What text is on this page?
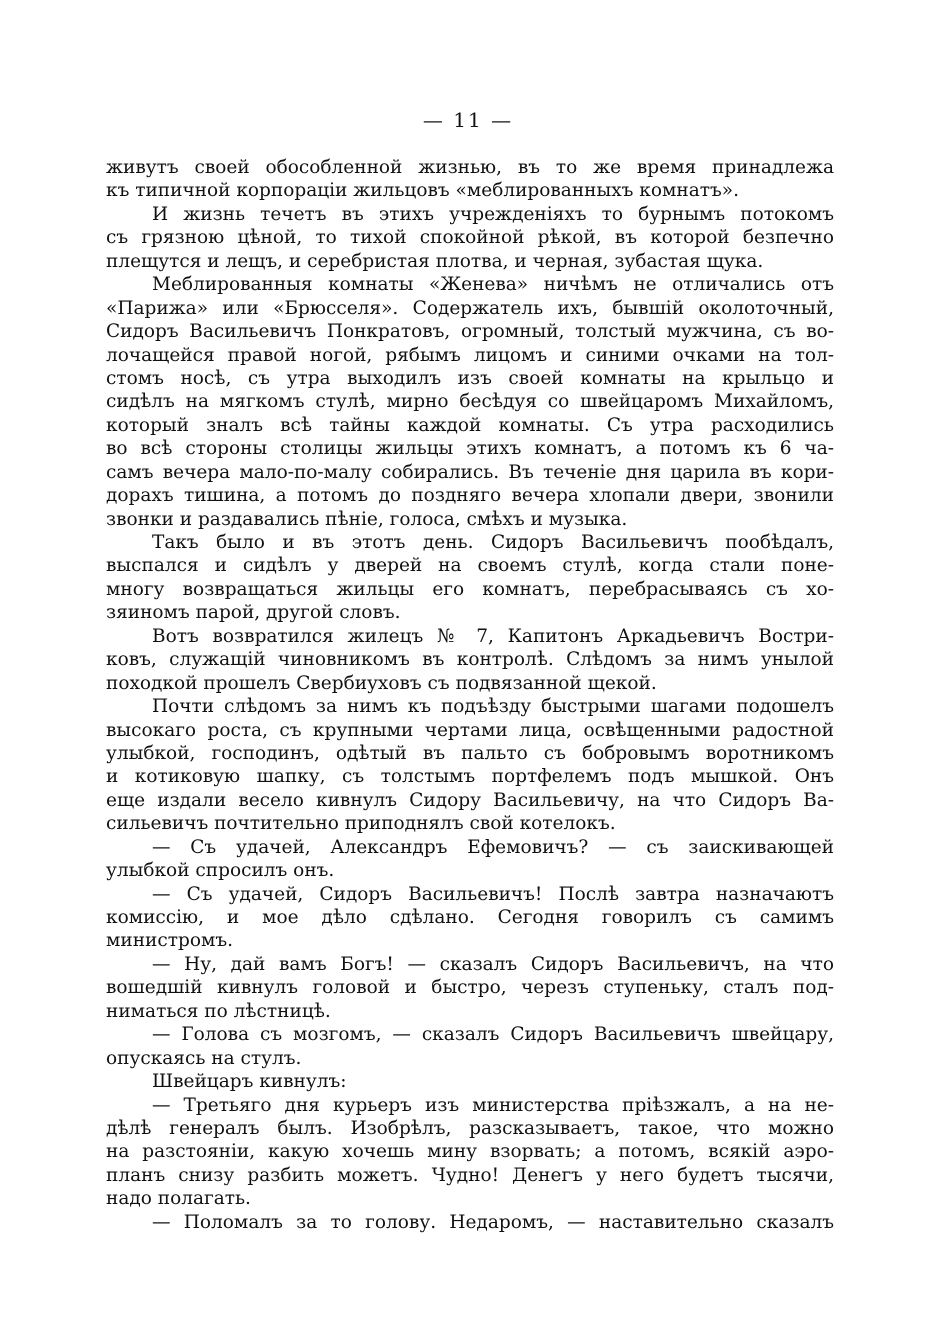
— 11 —
живутъ своей обособленной жизнью, въ то же время принадлежа
къ типичной корпораціи жильцовъ «меблированныхъ комнатъ».
И жизнь течетъ въ этихъ учрежденіяхъ то бурнымъ потокомъ
съ грязною цѣной, то тихой спокойной рѣкой, въ которой безпечно
плещутся и лещъ, и серебристая плотва, и черная, зубастая щука.
Меблированныя комнаты «Женева» ничѣмъ не отличались отъ
«Парижа» или «Брюсселя». Содержатель ихъ, бывшій околоточный,
Сидоръ Васильевичъ Понкратовъ, огромный, толстый мужчина, съ во-
лочащейся правой ногой, рябымъ лицомъ и синими очками на тол-
стомъ носѣ, съ утра выходилъ изъ своей комнаты на крыльцо и
сидѣлъ на мягкомъ стулѣ, мирно бесѣдуя со швейцаромъ Михайломъ,
который зналъ всѣ тайны каждой комнаты. Съ утра расходились
во всѣ стороны столицы жильцы этихъ комнатъ, а потомъ къ 6 ча-
самъ вечера мало-по-малу собирались. Въ теченіе дня царила въ кори-
дорахъ тишина, а потомъ до поздняго вечера хлопали двери, звонили
звонки и раздавались пѣніе, голоса, смѣхъ и музыка.
Такъ было и въ этотъ день. Сидоръ Васильевичъ пообѣдалъ,
выспался и сидѣлъ у дверей на своемъ стулѣ, когда стали поне-
многу возвращаться жильцы его комнатъ, перебрасываясь съ хо-
зяиномъ парой, другой словъ.
Вотъ возвратился жилецъ № 7, Капитонъ Аркадьевичъ Востри-
ковъ, служащій чиновникомъ въ контролѣ. Слѣдомъ за нимъ унылой
походкой прошелъ Свербиуховъ съ подвязанной щекой.
Почти слѣдомъ за нимъ къ подъѣзду быстрыми шагами подошелъ
высокаго роста, съ крупными чертами лица, освѣщенными радостной
улыбкой, господинъ, одѣтый въ пальто съ бобровымъ воротникомъ
и котиковую шапку, съ толстымъ портфелемъ подъ мышкой. Онъ
еще издали весело кивнулъ Сидору Васильевичу, на что Сидоръ Ва-
сильевичъ почтительно приподнялъ свой котелокъ.
— Съ удачей, Александръ Ефемовичъ? — съ заискивающей
улыбкой спросилъ онъ.
— Съ удачей, Сидоръ Васильевичъ! Послѣ завтра назначаютъ
комиссію, и мое дѣло сдѣлано. Сегодня говорилъ съ самимъ
министромъ.
— Ну, дай вамъ Богъ! — сказалъ Сидоръ Васильевичъ, на что
вошедшій кивнулъ головой и быстро, черезъ ступеньку, сталъ под-
ниматься по лѣстницѣ.
— Голова съ мозгомъ, — сказалъ Сидоръ Васильевичъ швейцару,
опускаясь на стулъ.
Швейцаръ кивнулъ:
— Третьяго дня курьеръ изъ министерства пріѣзжалъ, а на не-
дѣлѣ генералъ былъ. Изобрѣлъ, разсказываетъ, такое, что можно
на разстояніи, какую хочешь мину взорвать; а потомъ, всякій аэро-
планъ снизу разбить можетъ. Чудно! Денегъ у него будетъ тысячи,
надо полагать.
— Поломалъ за то голову. Недаромъ, — наставительно сказалъ
